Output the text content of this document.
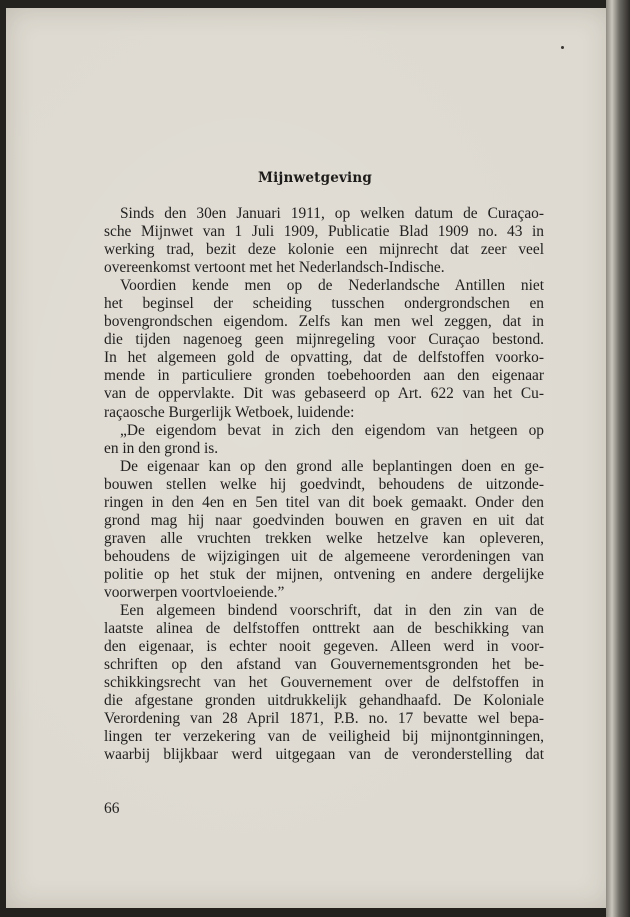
Mijnwetgeving
Sinds den 30en Januari 1911, op welken datum de Curaçao-
sche Mijnwet van 1 Juli 1909, Publicatie Blad 1909 no. 43 in
werking trad, bezit deze kolonie een mijnrecht dat zeer veel
overeenkomst vertoont met het Nederlandsch-Indische.
Voordien kende men op de Nederlandsche Antillen niet
het beginsel der scheiding tusschen ondergrondschen en
bovengrondschen eigendom. Zelfs kan men wel zeggen, dat in
die tijden nagenoeg geen mijnregeling voor Curaçao bestond.
In het algemeen gold de opvatting, dat de delfstoffen voorko-
mende in particuliere gronden toebehoorden aan den eigenaar
van de oppervlakte. Dit was gebaseerd op Art. 622 van het Cu-
raçaosche Burgerlijk Wetboek, luidende:
„De eigendom bevat in zich den eigendom van hetgeen op
en in den grond is.
De eigenaar kan op den grond alle beplantingen doen en ge-
bouwen stellen welke hij goedvindt, behoudens de uitzonde-
ringen in den 4en en 5en titel van dit boek gemaakt. Onder den
grond mag hij naar goedvinden bouwen en graven en uit dat
graven alle vruchten trekken welke hetzelve kan opleveren,
behoudens de wijzigingen uit de algemeene verordeningen van
politie op het stuk der mijnen, ontvening en andere dergelijke
voorwerpen voortvloeiende.”
Een algemeen bindend voorschrift, dat in den zin van de
laatste alinea de delfstoffen onttrekt aan de beschikking van
den eigenaar, is echter nooit gegeven. Alleen werd in voor-
schriften op den afstand van Gouvernementsgronden het be-
schikkingsrecht van het Gouvernement over de delfstoffen in
die afgestane gronden uitdrukkelijk gehandhaafd. De Koloniale
Verordening van 28 April 1871, P.B. no. 17 bevatte wel bepa-
lingen ter verzekering van de veiligheid bij mijnontginningen,
waarbij blijkbaar werd uitgegaan van de veronderstelling dat
66
